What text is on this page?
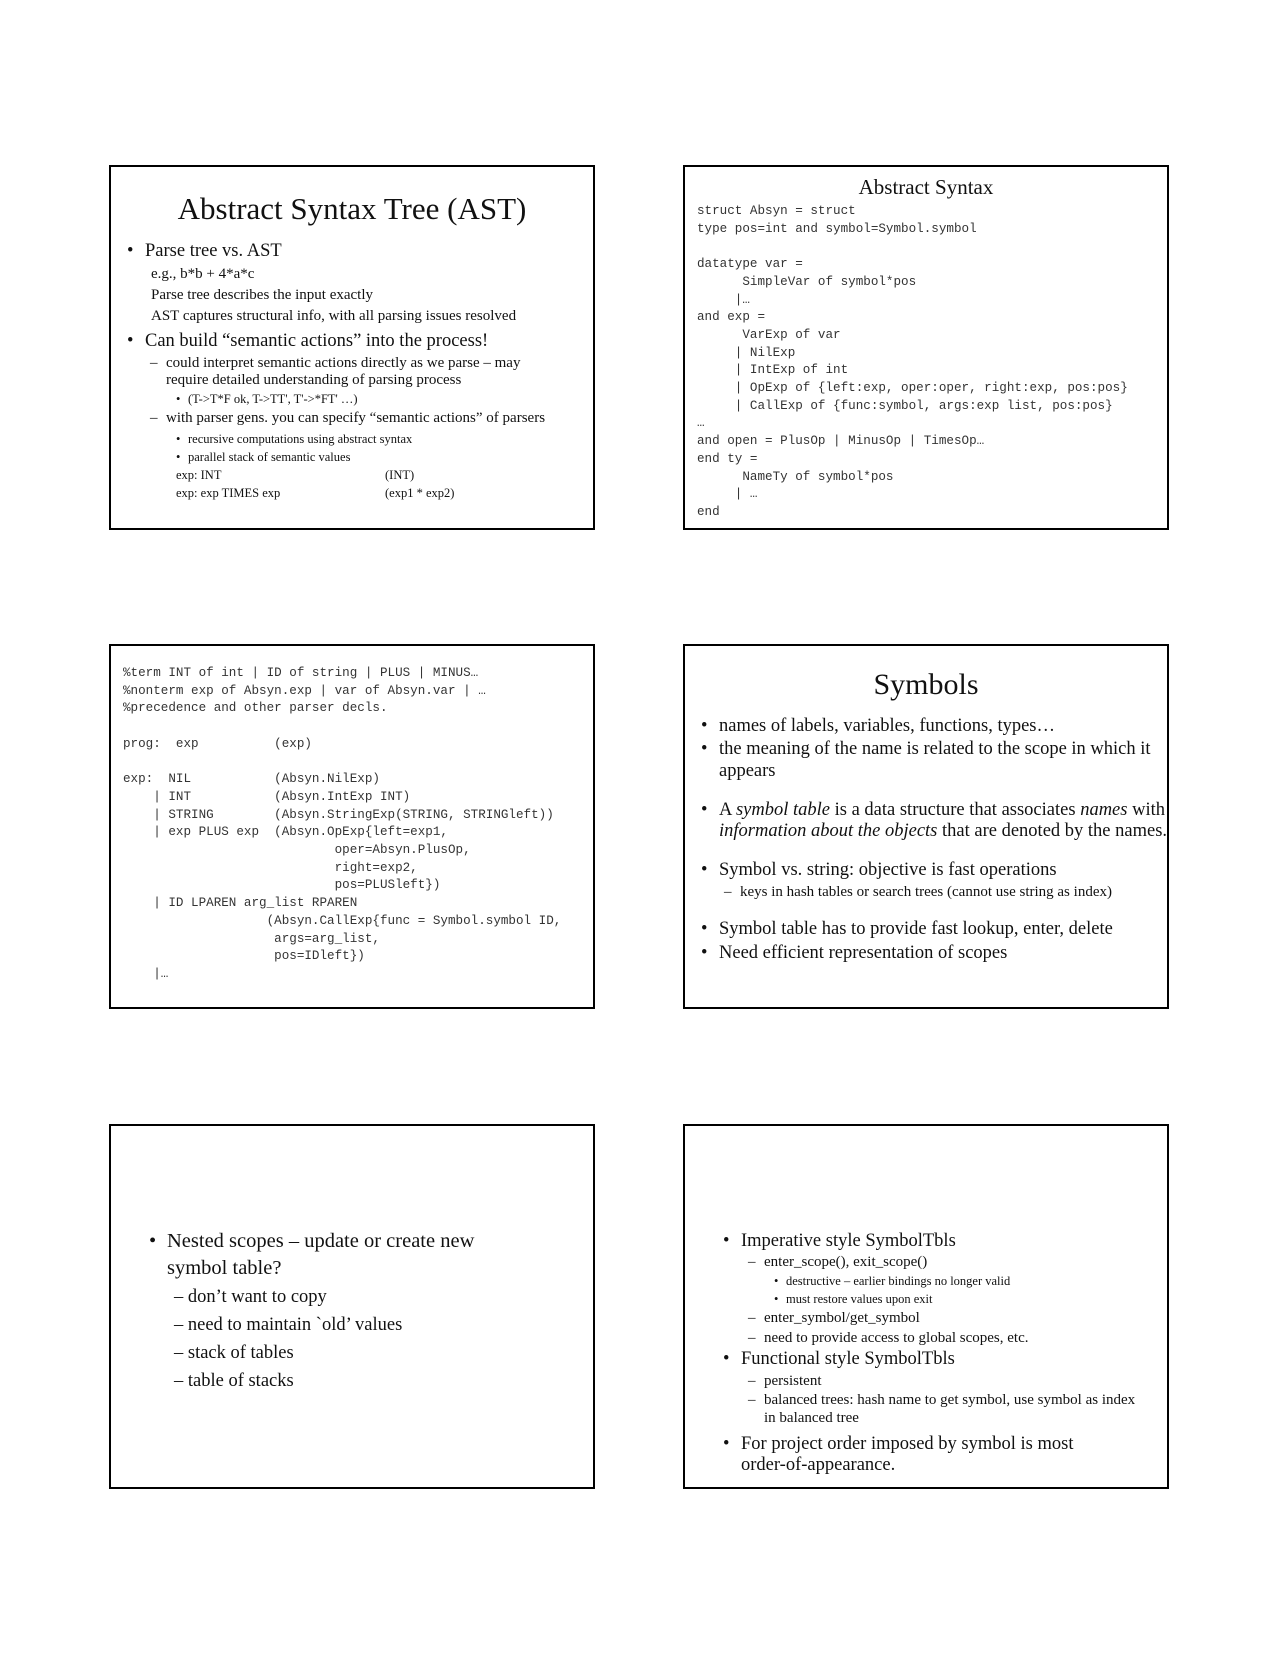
Abstract Syntax Tree (AST)
• Parse tree vs. AST
e.g., b*b + 4*a*c
Parse tree describes the input exactly
AST captures structural info, with all parsing issues resolved
• Can build “semantic actions” into the process!
– could interpret semantic actions directly as we parse – may require detailed understanding of parsing process
• (T->T*F ok, T->TT', T'->*FT' …)
– with parser gens. you can specify “semantic actions” of parsers
• recursive computations using abstract syntax
• parallel stack of semantic values
exp: INT	(INT)
exp: exp TIMES exp	(exp1 * exp2)
Abstract Syntax
struct Absyn = struct
type pos=int and symbol=Symbol.symbol

datatype var =
SimpleVar of symbol*pos
|…
and exp =
VarExp of var
| NilExp
| IntExp of int
| OpExp of {left:exp, oper:oper, right:exp, pos:pos}
| CallExp of {func:symbol, args:exp list, pos:pos}
…
and open = PlusOp | MinusOp | TimesOp…
end ty =
NameTy of symbol*pos
| …
end
%term INT of int | ID of string | PLUS | MINUS…
%nonterm exp of Absyn.exp | var of Absyn.var | …
%precedence and other parser decls.

prog:  exp          (exp)

exp:  NIL           (Absyn.NilExp)
| INT           (Absyn.IntExp INT)
| STRING        (Absyn.StringExp(STRING, STRINGleft))
| exp PLUS exp  (Absyn.OpExp{left=exp1,
oper=Absyn.PlusOp,
right=exp2,
pos=PLUSleft})
| ID LPAREN arg_list RPAREN
(Absyn.CallExp{func = Symbol.symbol ID,
args=arg_list,
pos=IDleft})
|…
Symbols
• names of labels, variables, functions, types…
• the meaning of the name is related to the scope in which it appears
• A symbol table is a data structure that associates names with information about the objects that are denoted by the names.
• Symbol vs. string: objective is fast operations
– keys in hash tables or search trees (cannot use string as index)
• Symbol table has to provide fast lookup, enter, delete
• Need efficient representation of scopes
• Nested scopes – update or create new symbol table?
– don’t want to copy
– need to maintain `old’ values
– stack of tables
– table of stacks
• Imperative style SymbolTbls
– enter_scope(), exit_scope()
• destructive – earlier bindings no longer valid
• must restore values upon exit
– enter_symbol/get_symbol
– need to provide access to global scopes, etc.
• Functional style SymbolTbls
– persistent
– balanced trees: hash name to get symbol, use symbol as index in balanced tree
• For project order imposed by symbol is most order-of-appearance.
